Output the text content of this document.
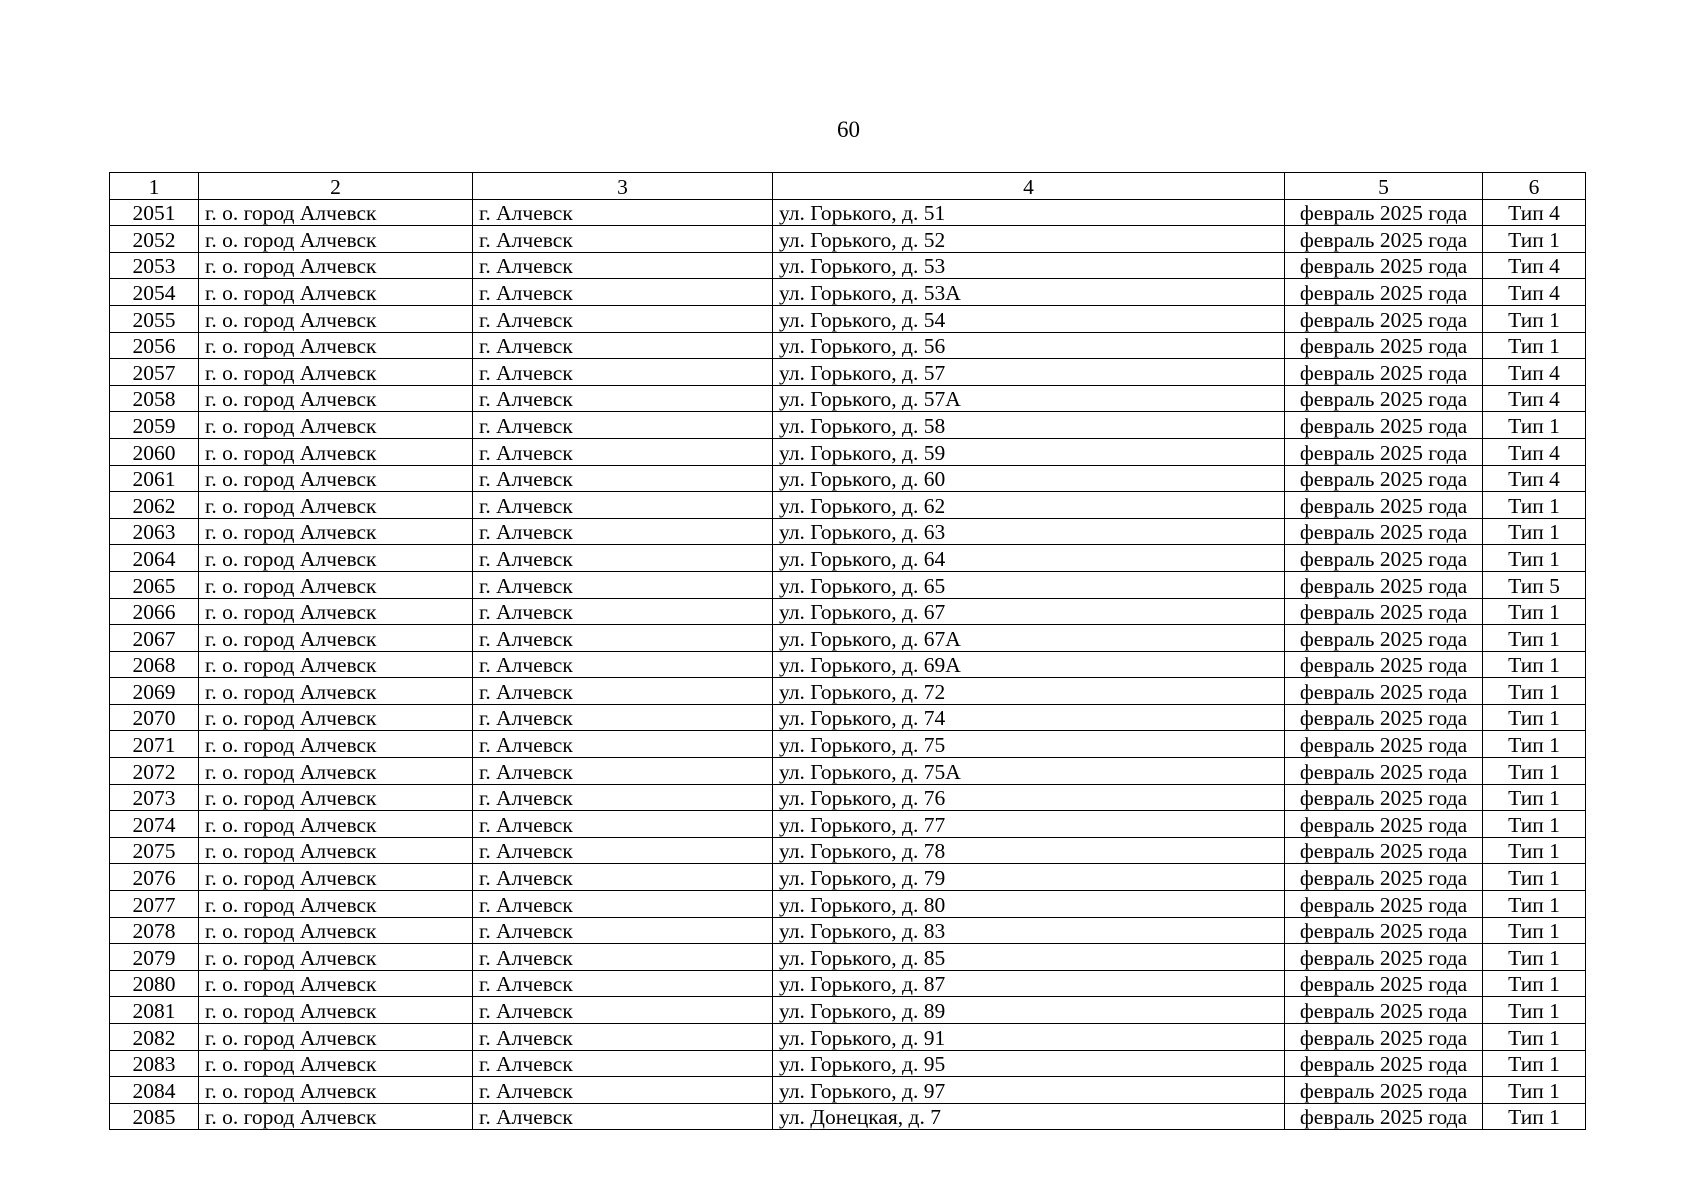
60
1	2	3	4	5	6
2051	г. о. город Алчевск	г. Алчевск	ул. Горького, д. 51	февраль 2025 года	Тип 4
2052	г. о. город Алчевск	г. Алчевск	ул. Горького, д. 52	февраль 2025 года	Тип 1
2053	г. о. город Алчевск	г. Алчевск	ул. Горького, д. 53	февраль 2025 года	Тип 4
2054	г. о. город Алчевск	г. Алчевск	ул. Горького, д. 53А	февраль 2025 года	Тип 4
2055	г. о. город Алчевск	г. Алчевск	ул. Горького, д. 54	февраль 2025 года	Тип 1
2056	г. о. город Алчевск	г. Алчевск	ул. Горького, д. 56	февраль 2025 года	Тип 1
2057	г. о. город Алчевск	г. Алчевск	ул. Горького, д. 57	февраль 2025 года	Тип 4
2058	г. о. город Алчевск	г. Алчевск	ул. Горького, д. 57А	февраль 2025 года	Тип 4
2059	г. о. город Алчевск	г. Алчевск	ул. Горького, д. 58	февраль 2025 года	Тип 1
2060	г. о. город Алчевск	г. Алчевск	ул. Горького, д. 59	февраль 2025 года	Тип 4
2061	г. о. город Алчевск	г. Алчевск	ул. Горького, д. 60	февраль 2025 года	Тип 4
2062	г. о. город Алчевск	г. Алчевск	ул. Горького, д. 62	февраль 2025 года	Тип 1
2063	г. о. город Алчевск	г. Алчевск	ул. Горького, д. 63	февраль 2025 года	Тип 1
2064	г. о. город Алчевск	г. Алчевск	ул. Горького, д. 64	февраль 2025 года	Тип 1
2065	г. о. город Алчевск	г. Алчевск	ул. Горького, д. 65	февраль 2025 года	Тип 5
2066	г. о. город Алчевск	г. Алчевск	ул. Горького, д. 67	февраль 2025 года	Тип 1
2067	г. о. город Алчевск	г. Алчевск	ул. Горького, д. 67А	февраль 2025 года	Тип 1
2068	г. о. город Алчевск	г. Алчевск	ул. Горького, д. 69А	февраль 2025 года	Тип 1
2069	г. о. город Алчевск	г. Алчевск	ул. Горького, д. 72	февраль 2025 года	Тип 1
2070	г. о. город Алчевск	г. Алчевск	ул. Горького, д. 74	февраль 2025 года	Тип 1
2071	г. о. город Алчевск	г. Алчевск	ул. Горького, д. 75	февраль 2025 года	Тип 1
2072	г. о. город Алчевск	г. Алчевск	ул. Горького, д. 75А	февраль 2025 года	Тип 1
2073	г. о. город Алчевск	г. Алчевск	ул. Горького, д. 76	февраль 2025 года	Тип 1
2074	г. о. город Алчевск	г. Алчевск	ул. Горького, д. 77	февраль 2025 года	Тип 1
2075	г. о. город Алчевск	г. Алчевск	ул. Горького, д. 78	февраль 2025 года	Тип 1
2076	г. о. город Алчевск	г. Алчевск	ул. Горького, д. 79	февраль 2025 года	Тип 1
2077	г. о. город Алчевск	г. Алчевск	ул. Горького, д. 80	февраль 2025 года	Тип 1
2078	г. о. город Алчевск	г. Алчевск	ул. Горького, д. 83	февраль 2025 года	Тип 1
2079	г. о. город Алчевск	г. Алчевск	ул. Горького, д. 85	февраль 2025 года	Тип 1
2080	г. о. город Алчевск	г. Алчевск	ул. Горького, д. 87	февраль 2025 года	Тип 1
2081	г. о. город Алчевск	г. Алчевск	ул. Горького, д. 89	февраль 2025 года	Тип 1
2082	г. о. город Алчевск	г. Алчевск	ул. Горького, д. 91	февраль 2025 года	Тип 1
2083	г. о. город Алчевск	г. Алчевск	ул. Горького, д. 95	февраль 2025 года	Тип 1
2084	г. о. город Алчевск	г. Алчевск	ул. Горького, д. 97	февраль 2025 года	Тип 1
2085	г. о. город Алчевск	г. Алчевск	ул. Донецкая, д. 7	февраль 2025 года	Тип 1
